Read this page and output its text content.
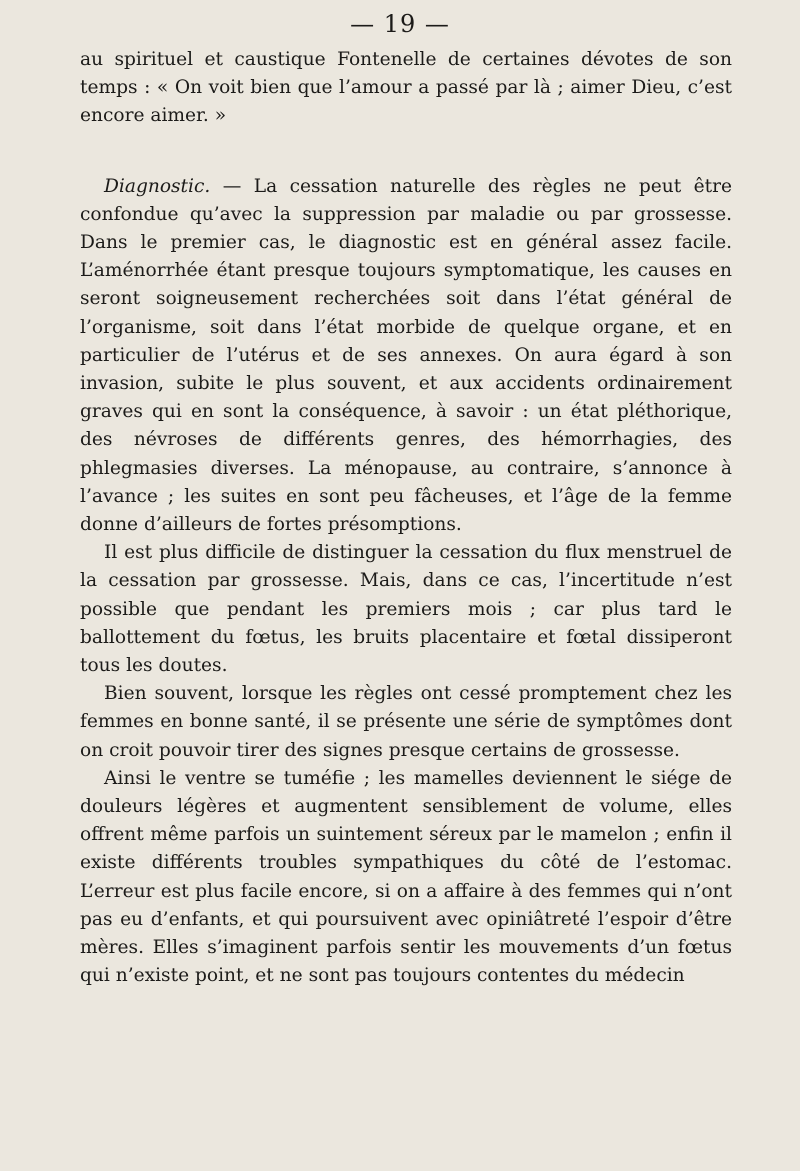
— 19 —

au spirituel et caustique Fontenelle de certaines dévotes de son temps : « On voit bien que l’amour a passé par là ; aimer Dieu, c’est encore aimer. »

Diagnostic. — La cessation naturelle des règles ne peut être confondue qu’avec la suppression par maladie ou par grossesse. Dans le premier cas, le diagnostic est en général assez facile. L’aménorrhée étant presque toujours symptomatique, les causes en seront soigneusement recherchées soit dans l’état général de l’organisme, soit dans l’état morbide de quelque organe, et en particulier de l’utérus et de ses annexes. On aura égard à son invasion, subite le plus souvent, et aux accidents ordinairement graves qui en sont la conséquence, à savoir : un état pléthorique, des névroses de différents genres, des hémorrhagies, des phlegmasies diverses. La ménopause, au contraire, s’annonce à l’avance ; les suites en sont peu fâcheuses, et l’âge de la femme donne d’ailleurs de fortes présomptions.

Il est plus difficile de distinguer la cessation du flux menstruel de la cessation par grossesse. Mais, dans ce cas, l’incertitude n’est possible que pendant les premiers mois ; car plus tard le ballottement du fœtus, les bruits placentaire et fœtal dissiperont tous les doutes.

Bien souvent, lorsque les règles ont cessé promptement chez les femmes en bonne santé, il se présente une série de symptômes dont on croit pouvoir tirer des signes presque certains de grossesse.

Ainsi le ventre se tuméfie ; les mamelles deviennent le siége de douleurs légères et augmentent sensiblement de volume, elles offrent même parfois un suintement séreux par le mamelon ; enfin il existe différents troubles sympathiques du côté de l’estomac. L’erreur est plus facile encore, si on a affaire à des femmes qui n’ont pas eu d’enfants, et qui poursuivent avec opiniâtreté l’espoir d’être mères. Elles s’imaginent parfois sentir les mouvements d’un fœtus qui n’existe point, et ne sont pas toujours contentes du médecin
